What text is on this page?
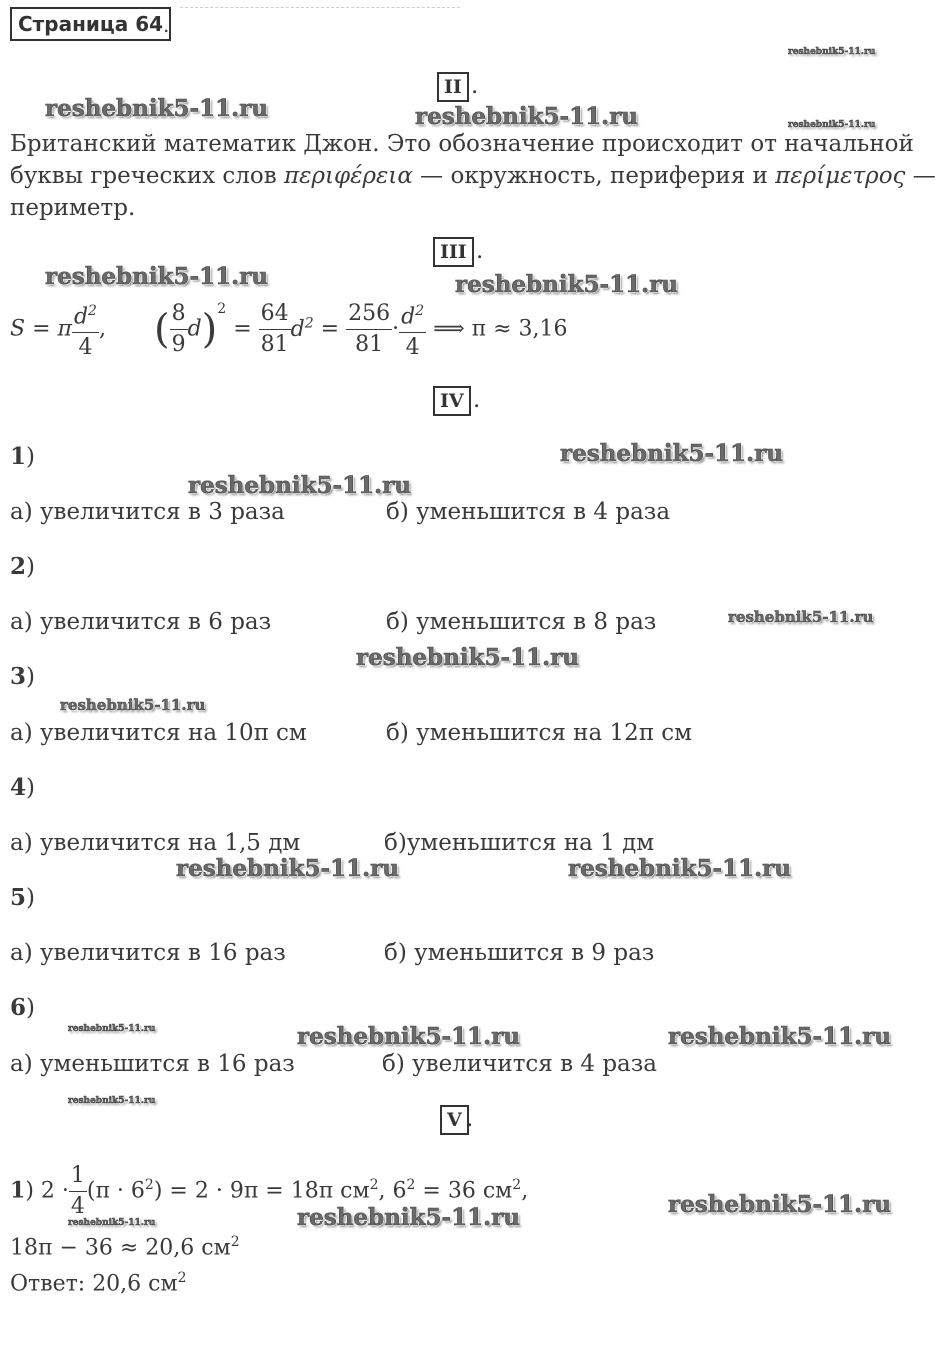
Страница 64 .
II .
Британский математик Джон. Это обозначение происходит от начальной
буквы греческих слов περιφέρεια — окружность, периферия и περίμετρος —
периметр.
III .
S = π $\frac{d^2}{4}$ , ( $\frac{8}{9} d)^2 = \frac{64}{81} d^2 = \frac{256}{81} \cdot \frac{d^2}{4}$ ⟹ π ≈ 3,16
IV .
1)
а) увеличится в 3 раза	б) уменьшится в 4 раза
2)
а) увеличится в 6 раз	б) уменьшится в 8 раз
3)
а) увеличится на 10π см	б) уменьшится на 12π см
4)
а) увеличится на 1,5 дм	б)уменьшится на 1 дм
5)
а) увеличится в 16 раз	б) уменьшится в 9 раз
6)
а) уменьшится в 16 раз	б) увеличится в 4 раза
V .
1) $2 \cdot \frac{1}{4} (\pi \cdot 6^2) = 2 \cdot 9\pi = 18\pi$ $см^2$, $6^2 = 36$ $см^2$,
18π − 36 ≈ 20,6 $см^2$
Ответ: 20,6 $см^2$
reshebnik5-11.ru
reshebnik5-11.ru	reshebnik5-11.ru	reshebnik5-11.ru
reshebnik5-11.ru	reshebnik5-11.ru
reshebnik5-11.ru
reshebnik5-11.ru
reshebnik5-11.ru
reshebnik5-11.ru
reshebnik5-11.ru
reshebnik5-11.ru	reshebnik5-11.ru
reshebnik5-11.ru	reshebnik5-11.ru	reshebnik5-11.ru
reshebnik5-11.ru
reshebnik5-11.ru
reshebnik5-11.ru
reshebnik5-11.ru
